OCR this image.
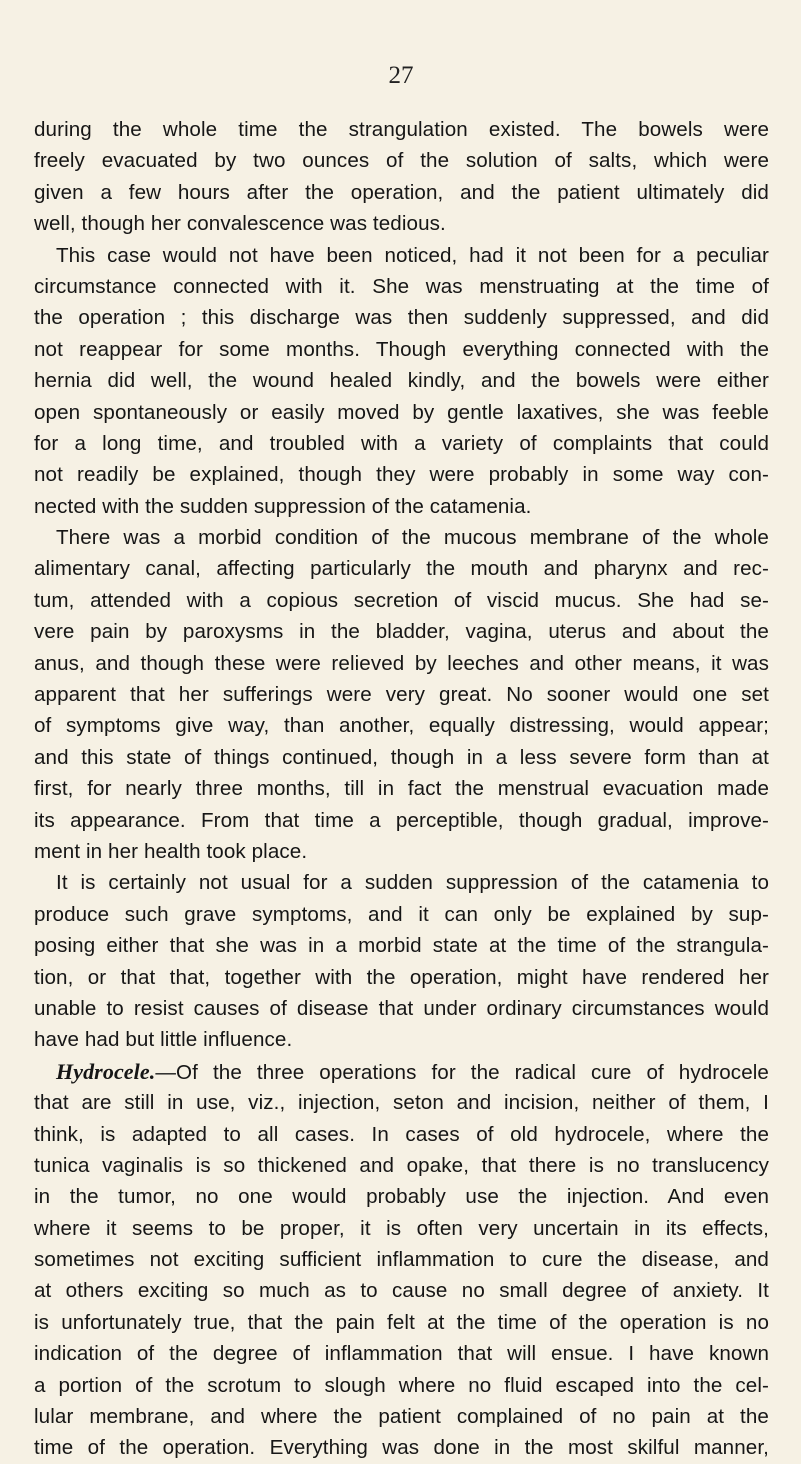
27
during the whole time the strangulation existed. The bowels were
freely evacuated by two ounces of the solution of salts, which were
given a few hours after the operation, and the patient ultimately did
well, though her convalescence was tedious.
This case would not have been noticed, had it not been for a peculiar
circumstance connected with it. She was menstruating at the time of
the operation ; this discharge was then suddenly suppressed, and did
not reappear for some months. Though everything connected with the
hernia did well, the wound healed kindly, and the bowels were either
open spontaneously or easily moved by gentle laxatives, she was feeble
for a long time, and troubled with a variety of complaints that could
not readily be explained, though they were probably in some way con-
nected with the sudden suppression of the catamenia.
There was a morbid condition of the mucous membrane of the whole
alimentary canal, affecting particularly the mouth and pharynx and rec-
tum, attended with a copious secretion of viscid mucus. She had se-
vere pain by paroxysms in the bladder, vagina, uterus and about the
anus, and though these were relieved by leeches and other means, it was
apparent that her sufferings were very great. No sooner would one set
of symptoms give way, than another, equally distressing, would appear;
and this state of things continued, though in a less severe form than at
first, for nearly three months, till in fact the menstrual evacuation made
its appearance. From that time a perceptible, though gradual, improve-
ment in her health took place.
It is certainly not usual for a sudden suppression of the catamenia to
produce such grave symptoms, and it can only be explained by sup-
posing either that she was in a morbid state at the time of the strangula-
tion, or that that, together with the operation, might have rendered her
unable to resist causes of disease that under ordinary circumstances would
have had but little influence.
Hydrocele.—Of the three operations for the radical cure of hydrocele
that are still in use, viz., injection, seton and incision, neither of them, I
think, is adapted to all cases. In cases of old hydrocele, where the
tunica vaginalis is so thickened and opake, that there is no translucency
in the tumor, no one would probably use the injection. And even
where it seems to be proper, it is often very uncertain in its effects,
sometimes not exciting sufficient inflammation to cure the disease, and
at others exciting so much as to cause no small degree of anxiety. It
is unfortunately true, that the pain felt at the time of the operation is no
indication of the degree of inflammation that will ensue. I have known
a portion of the scrotum to slough where no fluid escaped into the cel-
lular membrane, and where the patient complained of no pain at the
time of the operation. Everything was done in the most skilful manner,
